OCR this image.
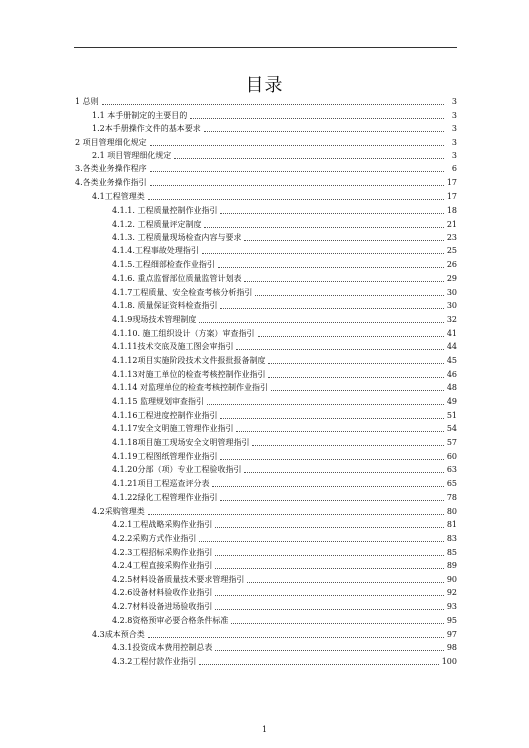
目录
1 总则	3
1.1 本手册制定的主要目的	3
1.2本手册操作文件的基本要求	3
2 项目管理细化规定	3
2.1 项目管理细化规定	3
3.各类业务操作程序	6
4.各类业务操作指引	17
4.1工程管理类	17
4.1.1. 工程质量控制作业指引	18
4.1.2. 工程质量评定制度	21
4.1.3. 工程质量现场检查内容与要求	23
4.1.4.工程事故处理指引	25
4.1.5.工程细部检查作业指引	26
4.1.6. 重点监督部位质量监管计划表	29
4.1.7工程质量、安全检查考核分析指引	30
4.1.8. 质量保证资料检查指引	30
4.1.9现场技术管理制度	32
4.1.10. 施工组织设计（方案）审查指引	41
4.1.11技术交底及施工图会审指引	44
4.1.12项目实施阶段技术文件报批报备制度	45
4.1.13对施工单位的检查考核控制作业指引	46
4.1.14 对监理单位的检查考核控制作业指引	48
4.1.15 监理规划审查指引	49
4.1.16工程进度控制作业指引	51
4.1.17安全文明施工管理作业指引	54
4.1.18项目施工现场安全文明管理指引	57
4.1.19工程图纸管理作业指引	60
4.1.20分部（项）专业工程验收指引	63
4.1.21项目工程巡查评分表	65
4.1.22绿化工程管理作业指引	78
4.2采购管理类	80
4.2.1工程战略采购作业指引	81
4.2.2采购方式作业指引	83
4.2.3工程招标采购作业指引	85
4.2.4工程直接采购作业指引	89
4.2.5材料设备质量技术要求管理指引	90
4.2.6设备材料验收作业指引	92
4.2.7材料设备进场验收指引	93
4.2.8资格预审必要合格条件标准	95
4.3成本预合类	97
4.3.1投资成本费用控制总表	98
4.3.2工程付款作业指引	100
1
